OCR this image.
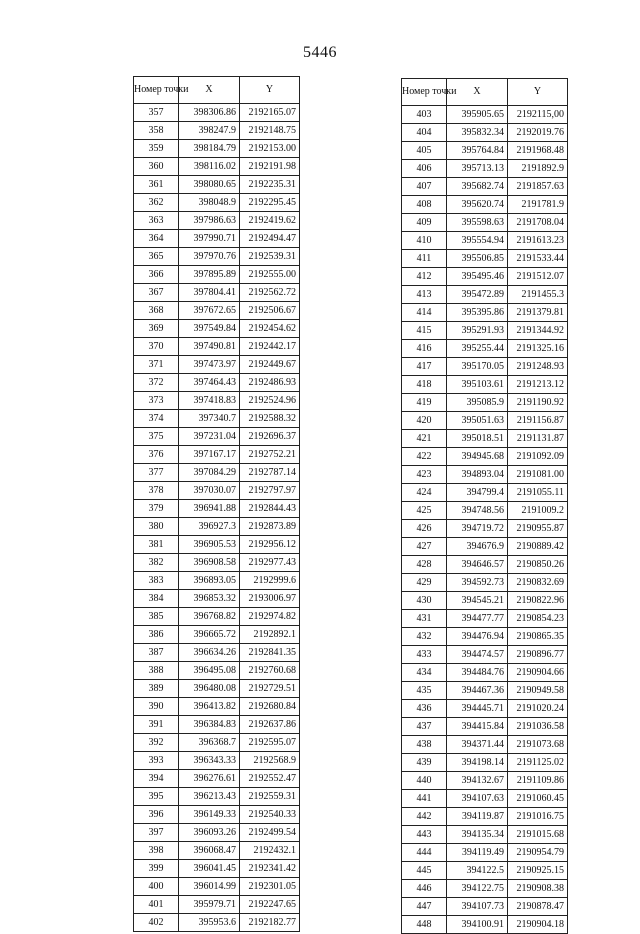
5446
Номер точки	X	Y
357	398306.86	2192165.07
358	398247.9	2192148.75
359	398184.79	2192153.00
360	398116.02	2192191.98
361	398080.65	2192235.31
362	398048.9	2192295.45
363	397986.63	2192419.62
364	397990.71	2192494.47
365	397970.76	2192539.31
366	397895.89	2192555.00
367	397804.41	2192562.72
368	397672.65	2192506.67
369	397549.84	2192454.62
370	397490.81	2192442.17
371	397473.97	2192449.67
372	397464.43	2192486.93
373	397418.83	2192524.96
374	397340.7	2192588.32
375	397231.04	2192696.37
376	397167.17	2192752.21
377	397084.29	2192787.14
378	397030.07	2192797.97
379	396941.88	2192844.43
380	396927.3	2192873.89
381	396905.53	2192956.12
382	396908.58	2192977.43
383	396893.05	2192999.6
384	396853.32	2193006.97
385	396768.82	2192974.82
386	396665.72	2192892.1
387	396634.26	2192841.35
388	396495.08	2192760.68
389	396480.08	2192729.51
390	396413.82	2192680.84
391	396384.83	2192637.86
392	396368.7	2192595.07
393	396343.33	2192568.9
394	396276.61	2192552.47
395	396213.43	2192559.31
396	396149.33	2192540.33
397	396093.26	2192499.54
398	396068.47	2192432.1
399	396041.45	2192341.42
400	396014.99	2192301.05
401	395979.71	2192247.65
402	395953.6	2192182.77
Номер точки	X	Y
403	395905.65	2192115,00
404	395832.34	2192019.76
405	395764.84	2191968.48
406	395713.13	2191892.9
407	395682.74	2191857.63
408	395620.74	2191781.9
409	395598.63	2191708.04
410	395554.94	2191613.23
411	395506.85	2191533.44
412	395495.46	2191512.07
413	395472.89	2191455.3
414	395395.86	2191379.81
415	395291.93	2191344.92
416	395255.44	2191325.16
417	395170.05	2191248.93
418	395103.61	2191213.12
419	395085.9	2191190.92
420	395051.63	2191156.87
421	395018.51	2191131.87
422	394945.68	2191092.09
423	394893.04	2191081.00
424	394799.4	2191055.11
425	394748.56	2191009.2
426	394719.72	2190955.87
427	394676.9	2190889.42
428	394646.57	2190850.26
429	394592.73	2190832.69
430	394545.21	2190822.96
431	394477.77	2190854.23
432	394476.94	2190865.35
433	394474.57	2190896.77
434	394484.76	2190904.66
435	394467.36	2190949.58
436	394445.71	2191020.24
437	394415.84	2191036.58
438	394371.44	2191073.68
439	394198.14	2191125.02
440	394132.67	2191109.86
441	394107.63	2191060.45
442	394119.87	2191016.75
443	394135.34	2191015.68
444	394119.49	2190954.79
445	394122.5	2190925.15
446	394122.75	2190908.38
447	394107.73	2190878.47
448	394100.91	2190904.18
